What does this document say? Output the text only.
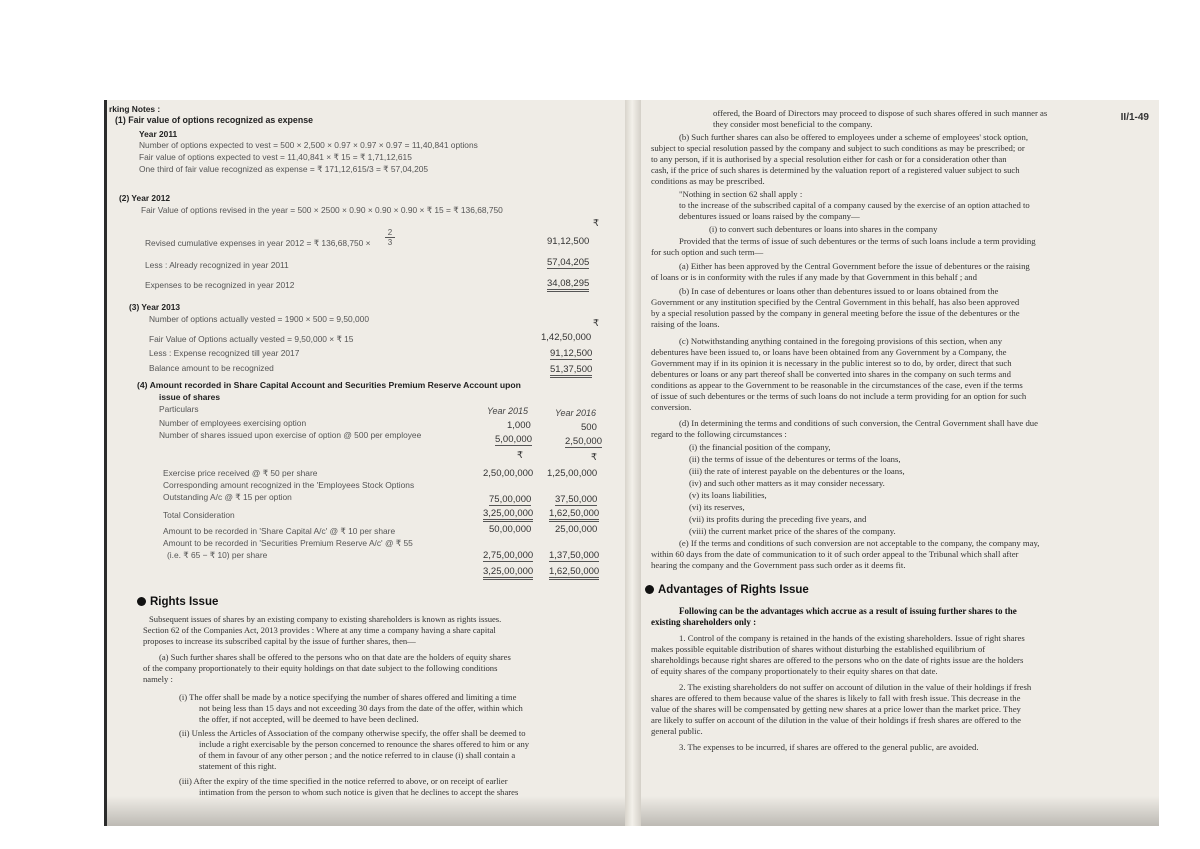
rking Notes :
(1) Fair value of options recognized as expense
Year 2011
Number of options expected to vest = 500 × 2,500 × 0.97 × 0.97 × 0.97 = 11,40,841 options
Fair value of options expected to vest = 11,40,841 × ₹ 15 = ₹ 1,71,12,615
One third of fair value recognized as expense = ₹ 171,12,615/3 = ₹ 57,04,205
(2) Year 2012
Fair Value of options revised in the year = 500 × 2500 × 0.90 × 0.90 × 0.90 × ₹ 15 = ₹ 136,68,750
₹
Revised cumulative expenses in year 2012 = ₹ $136,68,750 \times \frac{2}{3}$	91,12,500
Less : Already recognized in year 2011	57,04,205
Expenses to be recognized in year 2012	34,08,295
(3) Year 2013
Number of options actually vested = 1900 × 500 = 9,50,000	₹
Fair Value of Options actually vested = 9,50,000 × ₹ 15	1,42,50,000
Less : Expense recognized till year 2017	91,12,500
Balance amount to be recognized	51,37,500
(4) Amount recorded in Share Capital Account and Securities Premium Reserve Account upon
issue of shares
Particulars	Year 2015	Year 2016
Number of employees exercising option	1,000	500
Number of shares issued upon exercise of option @ 500 per employee	5,00,000	2,50,000
₹	₹
Exercise price received @ ₹ 50 per share	2,50,00,000 1,25,00,000
Corresponding amount recognized in the 'Employees Stock Options
Outstanding A/c @ ₹ 15 per option	75,00,000 37,50,000
Total Consideration	3,25,00,000 1,62,50,000
Amount to be recorded in 'Share Capital A/c' @ ₹ 10 per share	50,00,000 25,00,000
Amount to be recorded in 'Securities Premium Reserve A/c' @ ₹ 55
(i.e. ₹ 65 − ₹ 10) per share	2,75,00,000 1,37,50,000
3,25,00,000 1,62,50,000
Rights Issue
Subsequent issues of shares by an existing company to existing shareholders is known as rights issues.
Section 62 of the Companies Act, 2013 provides : Where at any time a company having a share capital
proposes to increase its subscribed capital by the issue of further shares, then—
(a) Such further shares shall be offered to the persons who on that date are the holders of equity shares
of the company proportionately to their equity holdings on that date subject to the following conditions
namely :
(i) The offer shall be made by a notice specifying the number of shares offered and limiting a time
not being less than 15 days and not exceeding 30 days from the date of the offer, within which
the offer, if not accepted, will be deemed to have been declined.
(ii) Unless the Articles of Association of the company otherwise specify, the offer shall be deemed to
include a right exercisable by the person concerned to renounce the shares offered to him or any
of them in favour of any other person ; and the notice referred to in clause (i) shall contain a
statement of this right.
(iii) After the expiry of the time specified in the notice referred to above, or on receipt of earlier
intimation from the person to whom such notice is given that he declines to accept the shares
II/1-49
offered, the Board of Directors may proceed to dispose of such shares offered in such manner as
they consider most beneficial to the company.
(b) Such further shares can also be offered to employees under a scheme of employees' stock option,
subject to special resolution passed by the company and subject to such conditions as may be prescribed; or
to any person, if it is authorised by a special resolution either for cash or for a consideration other than
cash, if the price of such shares is determined by the valuation report of a registered valuer subject to such
conditions as may be prescribed.
"Nothing in section 62 shall apply :
to the increase of the subscribed capital of a company caused by the exercise of an option attached to
debentures issued or loans raised by the company—
(i) to convert such debentures or loans into shares in the company
Provided that the terms of issue of such debentures or the terms of such loans include a term providing
for such option and such term—
(a) Either has been approved by the Central Government before the issue of debentures or the raising
of loans or is in conformity with the rules if any made by that Government in this behalf ; and
(b) In case of debentures or loans other than debentures issued to or loans obtained from the
Government or any institution specified by the Central Government in this behalf, has also been approved
by a special resolution passed by the company in general meeting before the issue of the debentures or the
raising of the loans.
(c) Notwithstanding anything contained in the foregoing provisions of this section, when any
debentures have been issued to, or loans have been obtained from any Government by a Company, the
Government may if in its opinion it is necessary in the public interest so to do, by order, direct that such
debentures or loans or any part thereof shall be converted into shares in the company on such terms and
conditions as appear to the Government to be reasonable in the circumstances of the case, even if the terms
of issue of such debentures or the terms of such loans do not include a term providing for an option for such
conversion.
(d) In determining the terms and conditions of such conversion, the Central Government shall have due
regard to the following circumstances :
(i) the financial position of the company,
(ii) the terms of issue of the debentures or terms of the loans,
(iii) the rate of interest payable on the debentures or the loans,
(iv) and such other matters as it may consider necessary.
(v) its loans liabilities,
(vi) its reserves,
(vii) its profits during the preceding five years, and
(viii) the current market price of the shares of the company.
(e) If the terms and conditions of such conversion are not acceptable to the company, the company may,
within 60 days from the date of communication to it of such order appeal to the Tribunal which shall after
hearing the company and the Government pass such order as it deems fit.
Advantages of Rights Issue
Following can be the advantages which accrue as a result of issuing further shares to the
existing shareholders only :
1. Control of the company is retained in the hands of the existing shareholders. Issue of right shares
makes possible equitable distribution of shares without disturbing the established equilibrium of
shareholdings because right shares are offered to the persons who on the date of rights issue are the holders
of equity shares of the company proportionately to their equity shares on that date.
2. The existing shareholders do not suffer on account of dilution in the value of their holdings if fresh
shares are offered to them because value of the shares is likely to fall with fresh issue. This decrease in the
value of the shares will be compensated by getting new shares at a price lower than the market price. They
are likely to suffer on account of the dilution in the value of their holdings if fresh shares are offered to the
general public.
3. The expenses to be incurred, if shares are offered to the general public, are avoided.
